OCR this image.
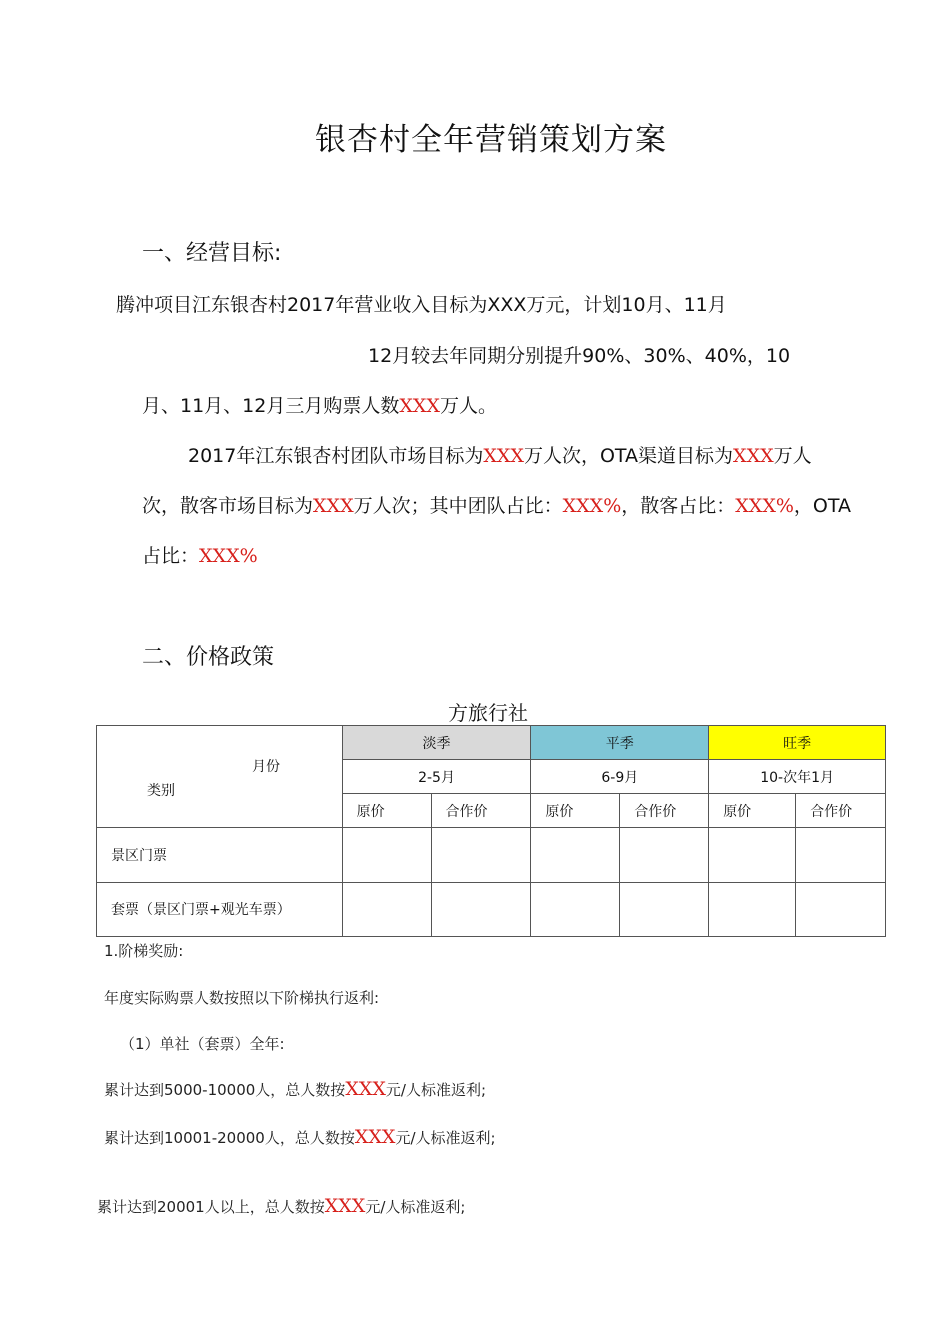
银杏村全年营销策划方案
一、经营目标:
腾冲项目江东银杏村2017年营业收入目标为XXX万元，计划10月、11月
12月较去年同期分别提升90%、30%、40%，10
月、11月、12月三月购票人数XXX万人。
2017年江东银杏村团队市场目标为XXX万人次，OTA渠道目标为XXX万人
次，散客市场目标为XXX万人次；其中团队占比：XXX%，散客占比：XXX%，OTA
占比：XXX%
二、价格政策
方旅行社
月份
类别	淡季		平季		旺季	
	2-5月		6-9月		10-次年1月	
	原价	合作价	原价	合作价	原价	合作价
景区门票						
套票（景区门票+观光车票）						
1.阶梯奖励:
年度实际购票人数按照以下阶梯执行返利:
（1）单社（套票）全年:
累计达到5000-10000人，总人数按XXX元/人标准返利;
累计达到10001-20000人，总人数按XXX元/人标准返利;
累计达到20001人以上，总人数按XXX元/人标准返利;
